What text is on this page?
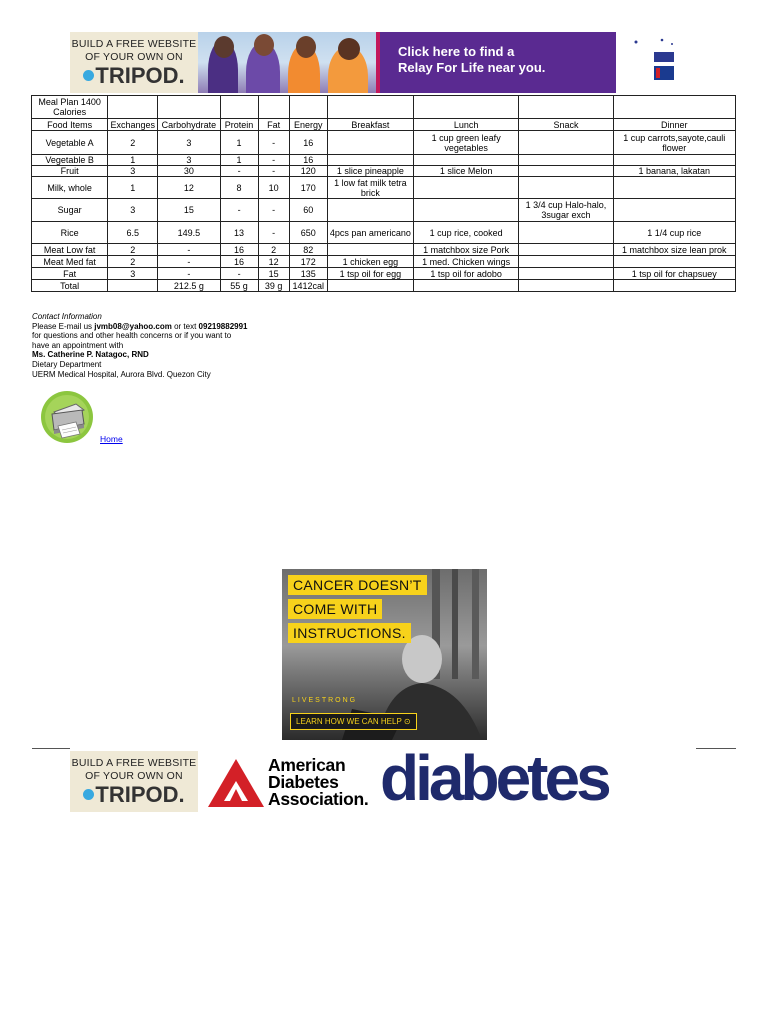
BUILD A FREE WEBSITE
OF YOUR OWN ON
TRIPOD.
Click here to find a
Relay For Life near you.
Meal Plan 1400 Calories									
Food Items	Exchanges	Carbohydrate	Protein	Fat	Energy	Breakfast	Lunch	Snack	Dinner
Vegetable A	2	3	1	-	16		1 cup green leafy vegetables		1 cup carrots,sayote,cauli flower
Vegetable B	1	3	1	-	16				
Fruit	3	30	-	-	120	1 slice pineapple	1 slice Melon		1 banana, lakatan
Milk, whole	1	12	8	10	170	1 low fat milk tetra brick			
Sugar	3	15	-	-	60			1 3/4 cup Halo-halo, 3sugar exch	
Rice	6.5	149.5	13	-	650	4pcs pan americano	1 cup rice, cooked		1 1/4 cup rice
Meat Low fat	2	-	16	2	82		1 matchbox size Pork		1 matchbox size lean prok
Meat Med fat	2	-	16	12	172	1 chicken egg	1 med. Chicken wings		
Fat	3	-	-	15	135	1 tsp oil for egg	1 tsp oil for adobo		1 tsp oil for chapsuey
Total		212.5 g	55 g	39 g	1412cal				
Contact Information
Please E-mail us jvmb08@yahoo.com or text 09219882991
for questions and other health concerns or if you want to
have an appointment with
Ms. Catherine P. Natagoc, RND
Dietary Department
UERM Medical Hospital, Aurora Blvd. Quezon City
Home
CANCER DOESN’T
COME WITH
INSTRUCTIONS.
LIVESTRONG
LEARN HOW WE CAN HELP ⊙
BUILD A FREE WEBSITE
OF YOUR OWN ON
TRIPOD.
American
Diabetes
Association. diabetes
